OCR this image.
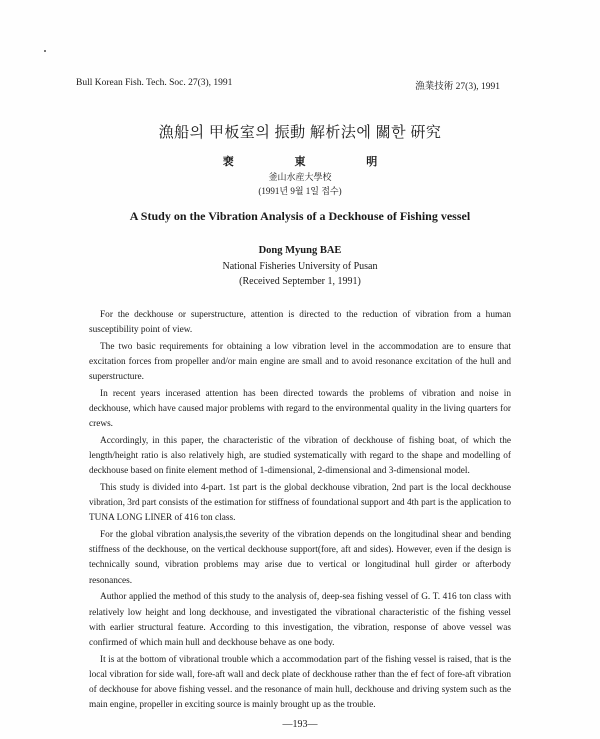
Bull Korean Fish. Tech. Soc. 27(3), 1991	漁業技術 27(3), 1991
漁船의 甲板室의 振動 解析法에 關한 硏究
裵 東 明
釜山水産大學校
(1991년 9월 1일 접수)
A Study on the Vibration Analysis of a Deckhouse of Fishing vessel
Dong Myung BAE
National Fisheries University of Pusan
(Received September 1, 1991)

For the deckhouse or superstructure, attention is directed to the reduction of vibration from a human susceptibility point of view.

The two basic requirements for obtaining a low vibration level in the accommodation are to ensure that excitation forces from propeller and/or main engine are small and to avoid resonance excitation of the hull and superstructure.

In recent years incerased attention has been directed towards the problems of vibration and noise in deckhouse, which have caused major problems with regard to the environmental quality in the living quarters for crews.

Accordingly, in this paper, the characteristic of the vibration of deckhouse of fishing boat, of which the length/height ratio is also relatively high, are studied systematically with regard to the shape and modelling of deckhouse based on finite element method of 1-dimensional, 2-dimensional and 3-dimensional model.

This study is divided into 4-part. 1st part is the global deckhouse vibration, 2nd part is the local deckhouse vibration, 3rd part consists of the estimation for stiffness of foundational support and 4th part is the application to TUNA LONG LINER of 416 ton class.

For the global vibration analysis,the severity of the vibration depends on the longitudinal shear and bending stiffness of the deckhouse, on the vertical deckhouse support(fore, aft and sides). However, even if the design is technically sound, vibration problems may arise due to vertical or longitudinal hull girder or afterbody resonances.

Author applied the method of this study to the analysis of, deep-sea fishing vessel of G. T. 416 ton class with relatively low height and long deckhouse, and investigated the vibrational characteristic of the fishing vessel with earlier structural feature. According to this investigation, the vibration, response of above vessel was confirmed of which main hull and deckhouse behave as one body.

It is at the bottom of vibrational trouble which a accommodation part of the fishing vessel is raised, that is the local vibration for side wall, fore-aft wall and deck plate of deckhouse rather than the ef fect of fore-aft vibration of deckhouse for above fishing vessel. and the resonance of main hull, deckhouse and driving system such as the main engine, propeller in exciting source is mainly brought up as the trouble.

—193—
